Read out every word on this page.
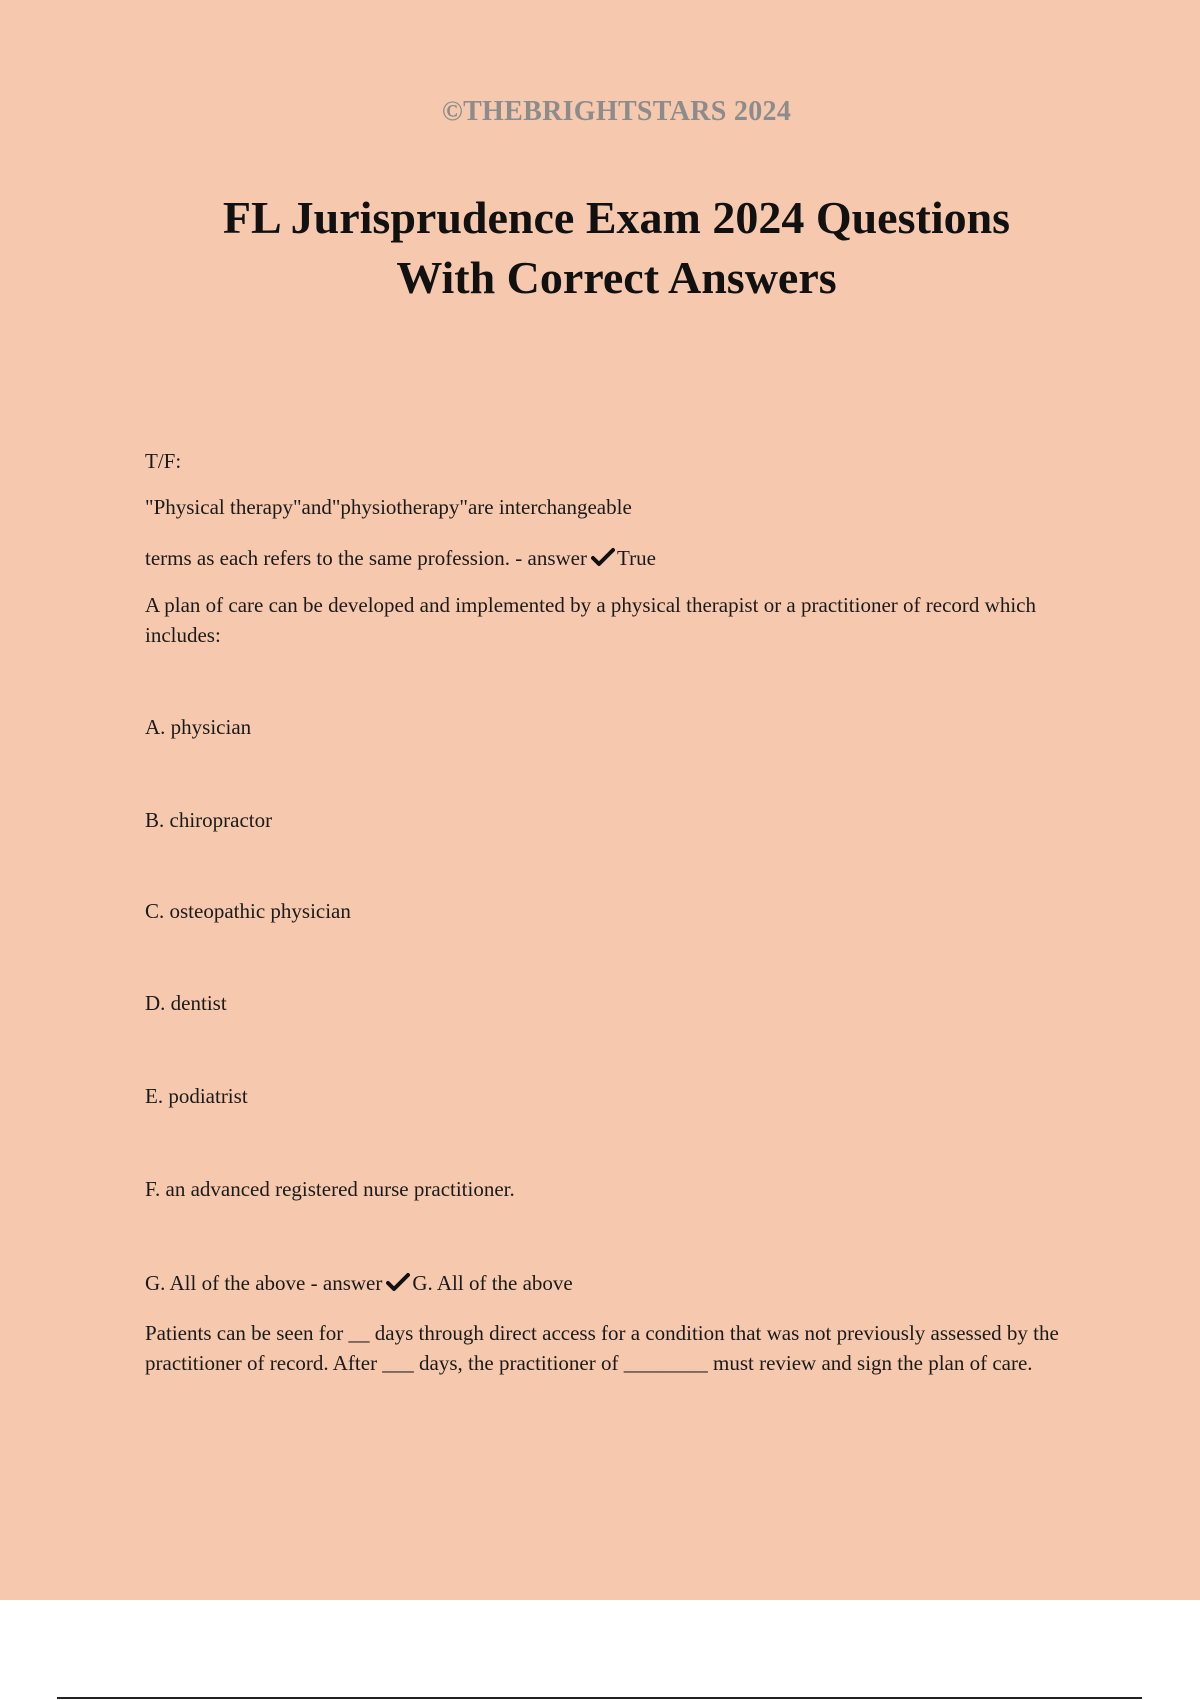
©THEBRIGHTSTARS 2024
FL Jurisprudence Exam 2024 Questions
With Correct Answers
T/F:
"Physical therapy"and"physiotherapy"are interchangeable
terms as each refers to the same profession. - answer True
A plan of care can be developed and implemented by a physical therapist or a practitioner of record which includes:
A. physician
B. chiropractor
C. osteopathic physician
D. dentist
E. podiatrist
F. an advanced registered nurse practitioner.
G. All of the above - answer G. All of the above
Patients can be seen for __ days through direct access for a condition that was not previously assessed by the practitioner of record. After ___ days, the practitioner of ________ must review and sign the plan of care.
